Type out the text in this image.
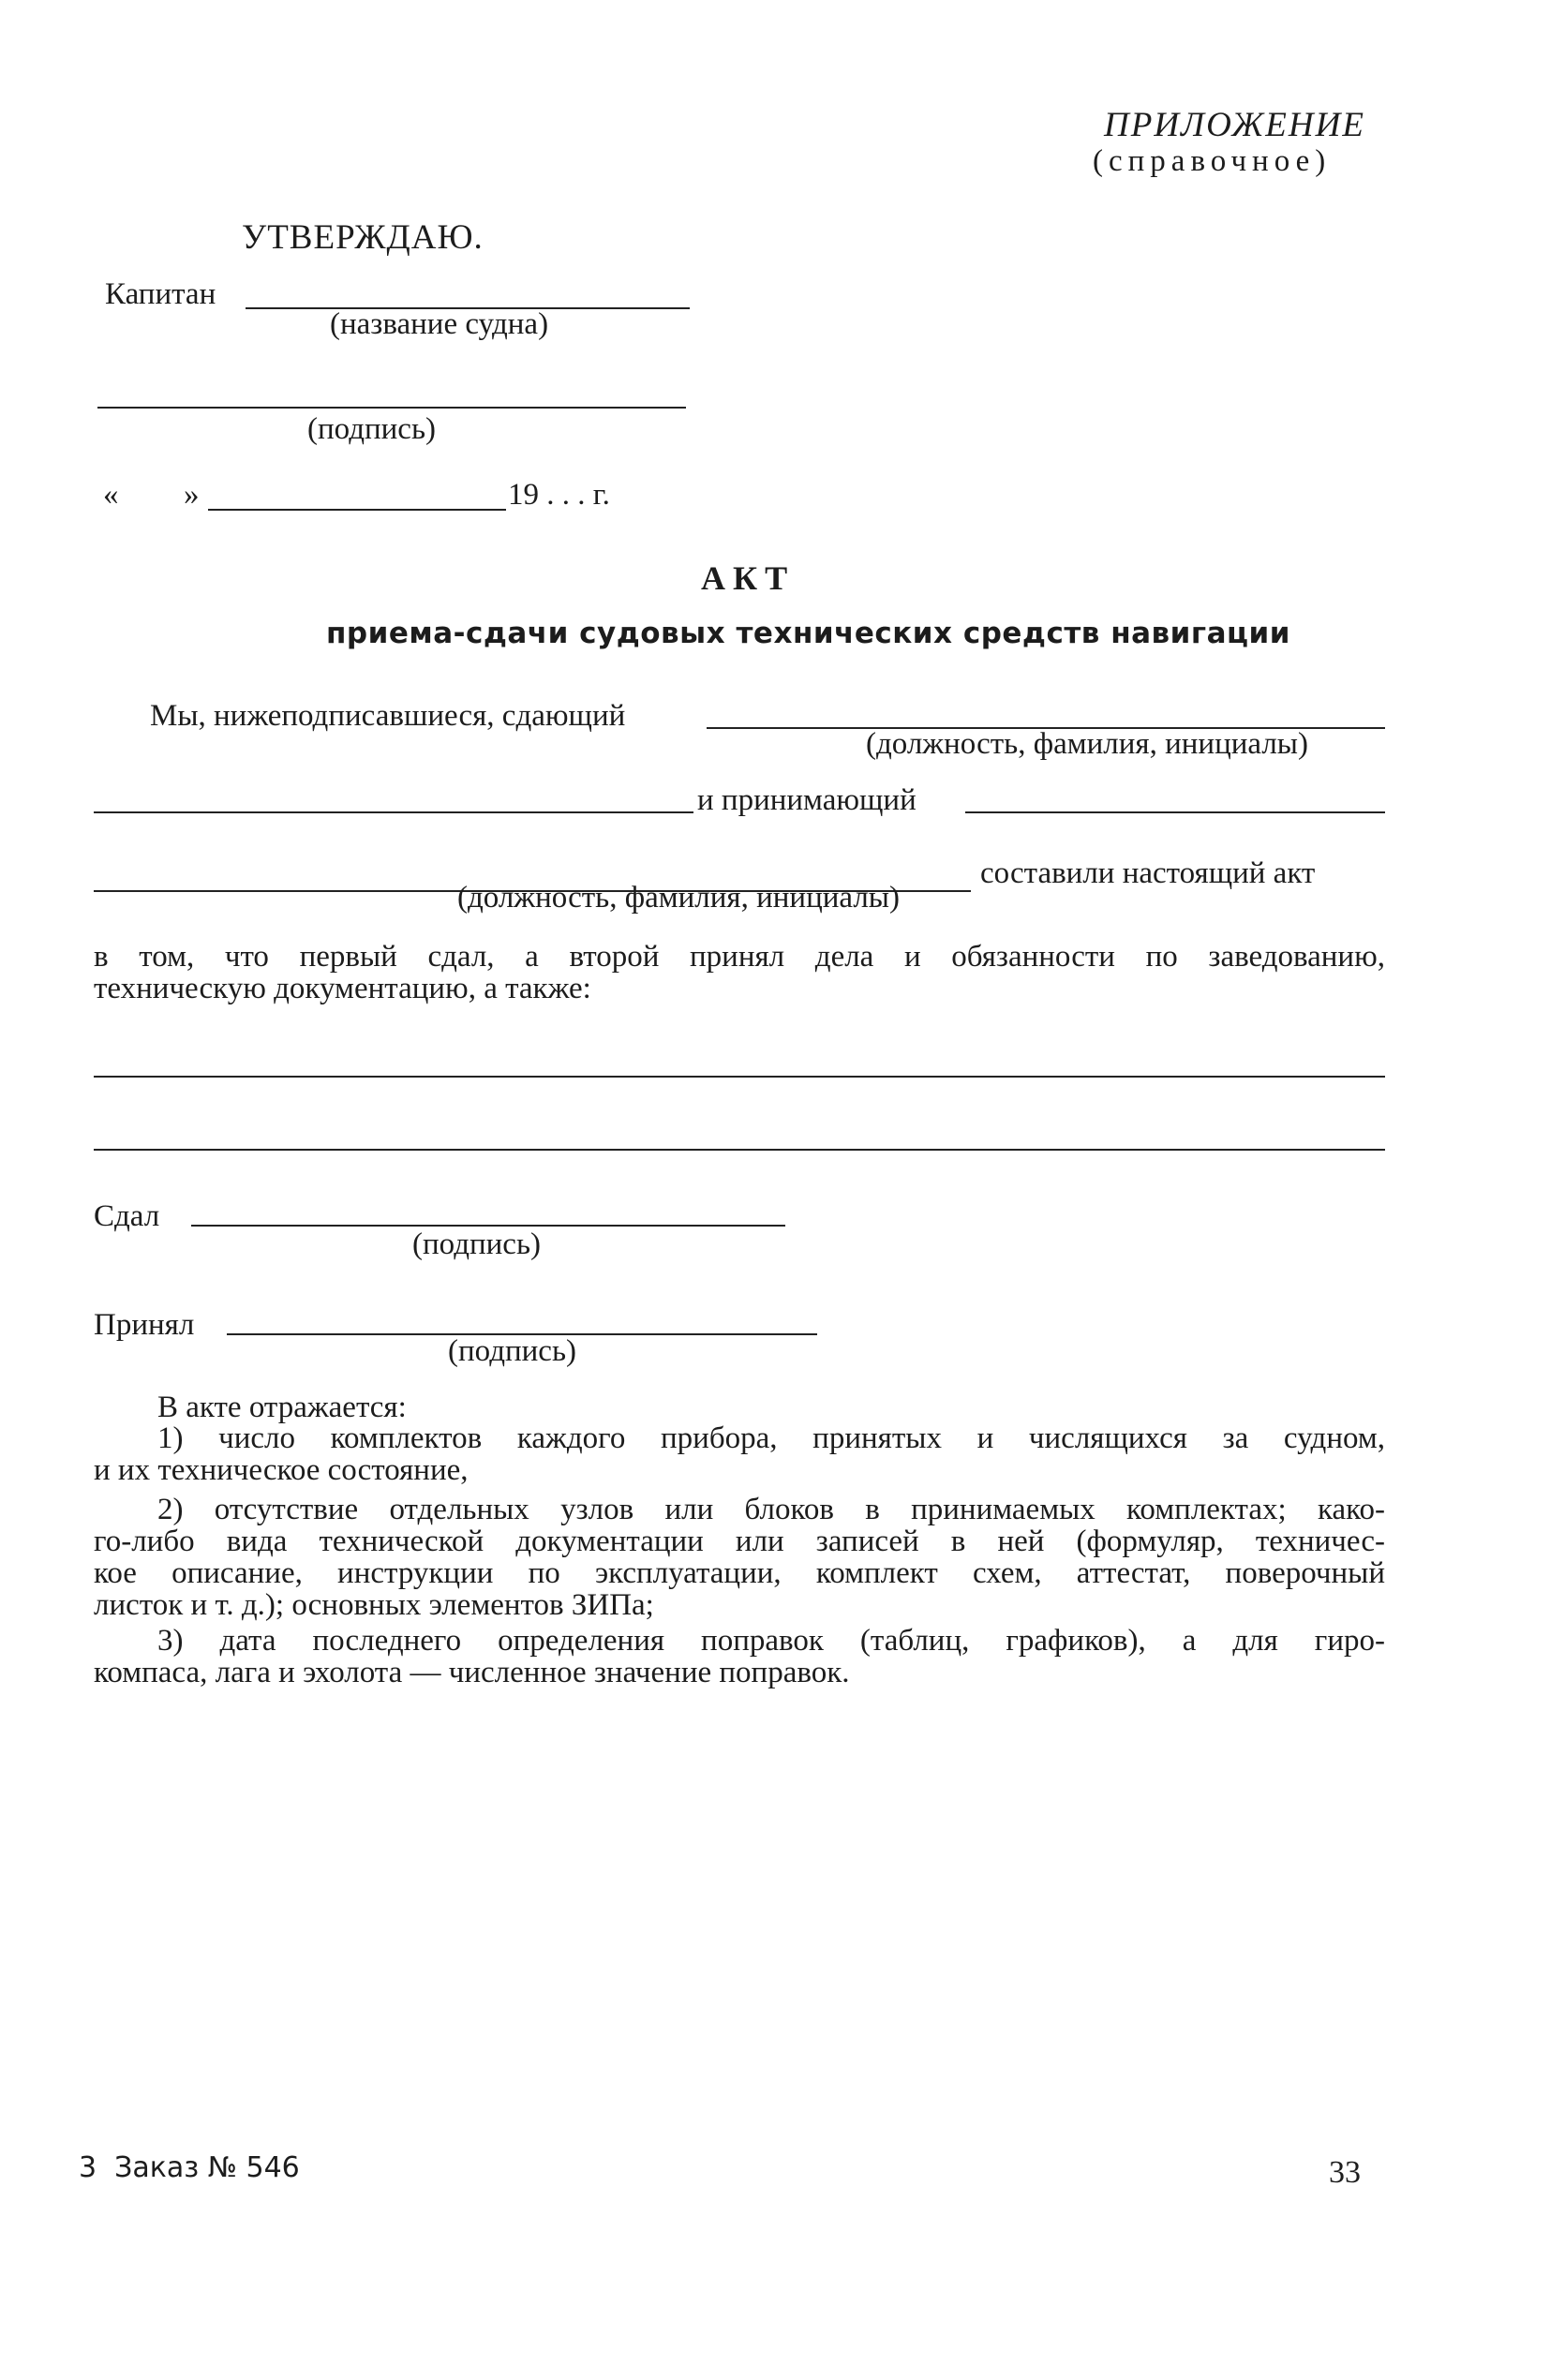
ПРИЛОЖЕНИЕ
(справочное)
УТВЕРЖДАЮ.
Капитан
(название судна)
(подпись)
« »	19 . . . г.
АКТ
приема-сдачи судовых технических средств навигации
Мы, нижеподписавшиеся, сдающий
(должность, фамилия, инициалы)
и принимающий
составили настоящий акт
(должность, фамилия, инициалы)
в том, что первый сдал, а второй принял дела и обязанности по заведованию,
техническую документацию, а также:
Сдал
(подпись)
Принял
(подпись)
В акте отражается:
1) число комплектов каждого прибора, принятых и числящихся за судном,
и их техническое состояние,
2) отсутствие отдельных узлов или блоков в принимаемых комплектах; како-
го-либо вида технической документации или записей в ней (формуляр, техничес-
кое описание, инструкции по эксплуатации, комплект схем, аттестат, поверочный
листок и т. д.); основных элементов ЗИПа;
3) дата последнего определения поправок (таблиц, графиков), а для гиро-
компаса, лага и эхолота — численное значение поправок.
3  Заказ № 546	33
